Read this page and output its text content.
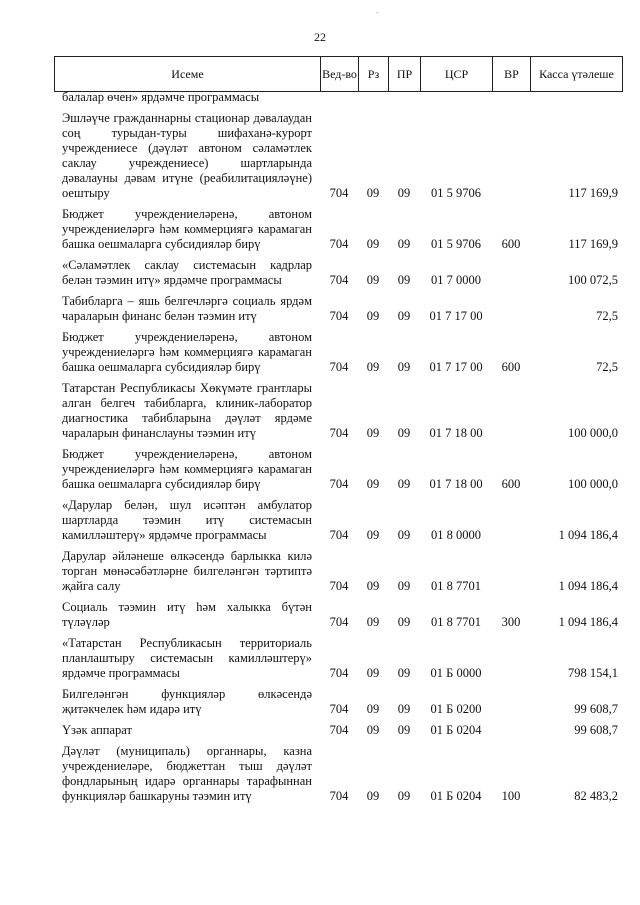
-
22
Исеме	Вед-во	Рз	ПР	ЦСР	ВР	Касса үтәлеше
балалар өчен» ярдәмче программасы						
Эшләүче гражданнарны стационар дәвалаудан соң турыдан-туры шифаханә-курорт учреждениесе (дәүләт автоном сәламәтлек саклау учреждениесе) шартларында дәвалауны дәвам итүне (реабилитацияләүне) оештыру	704	09	09	01 5 9706		117 169,9
Бюджет учреждениеләренә, автоном учреждениеләргә һәм коммерциягә карамаган башка оешмаларга субсидияләр бирү	704	09	09	01 5 9706	600	117 169,9
«Сәламәтлек саклау системасын кадрлар белән тәэмин итү» ярдәмче программасы	704	09	09	01 7 0000		100 072,5
Табибларга – яшь белгечләргә социаль ярдәм чараларын финанс белән тәэмин итү	704	09	09	01 7 17 00		72,5
Бюджет учреждениеләренә, автоном учреждениеләргә һәм коммерциягә карамаган башка оешмаларга субсидияләр бирү	704	09	09	01 7 17 00	600	72,5
Татарстан Республикасы Хөкүмәте грантлары алган белгеч табибларга, клиник-лаборатор диагностика табибларына дәүләт ярдәме чараларын финанслауны тәэмин итү	704	09	09	01 7 18 00		100 000,0
Бюджет учреждениеләренә, автоном учреждениеләргә һәм коммерциягә карамаган башка оешмаларга субсидияләр бирү	704	09	09	01 7 18 00	600	100 000,0
«Дарулар белән, шул исәптән амбулатор шартларда тәэмин итү системасын камилләштерү» ярдәмче программасы	704	09	09	01 8 0000		1 094 186,4
Дарулар әйләнеше өлкәсендә барлыкка килә торган мөнәсәбәтләрне билгеләнгән тәртиптә җайга салу	704	09	09	01 8 7701		1 094 186,4
Социаль тәэмин итү һәм халыкка бүтән түләүләр	704	09	09	01 8 7701	300	1 094 186,4
«Татарстан Республикасын территориаль планлаштыру системасын камилләштерү» ярдәмче программасы	704	09	09	01 Б 0000		798 154,1
Билгеләнгән функцияләр өлкәсендә җитәкчелек һәм идарә итү	704	09	09	01 Б 0200		99 608,7
Үзәк аппарат	704	09	09	01 Б 0204		99 608,7
Дәүләт (муниципаль) органнары, казна учреждениеләре, бюджеттан тыш дәүләт фондларының идарә органнары тарафыннан функцияләр башкаруны тәэмин итү	704	09	09	01 Б 0204	100	82 483,2
